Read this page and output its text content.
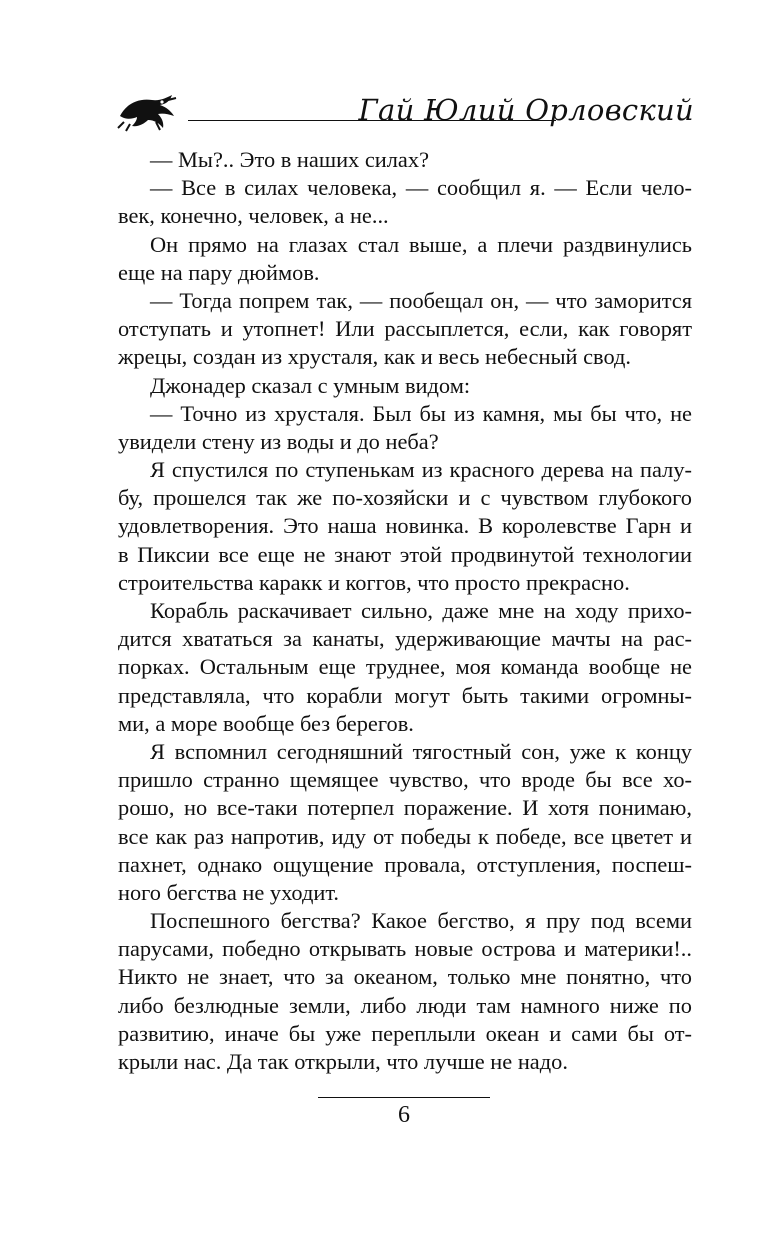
Гай Юлий Орловский
— Мы?.. Это в наших силах?
— Все в силах человека, — сообщил я. — Если чело-
век, конечно, человек, а не...
Он прямо на глазах стал выше, а плечи раздвинулись
еще на пару дюймов.
— Тогда попрем так, — пообещал он, — что заморится
отступать и утопнет! Или рассыплется, если, как говорят
жрецы, создан из хрусталя, как и весь небесный свод.
Джонадер сказал с умным видом:
— Точно из хрусталя. Был бы из камня, мы бы что, не
увидели стену из воды и до неба?
Я спустился по ступенькам из красного дерева на палу-
бу, прошелся так же по-хозяйски и с чувством глубокого
удовлетворения. Это наша новинка. В королевстве Гарн и
в Пиксии все еще не знают этой продвинутой технологии
строительства каракк и коггов, что просто прекрасно.
Корабль раскачивает сильно, даже мне на ходу прихо-
дится хвататься за канаты, удерживающие мачты на рас-
порках. Остальным еще труднее, моя команда вообще не
представляла, что корабли могут быть такими огромны-
ми, а море вообще без берегов.
Я вспомнил сегодняшний тягостный сон, уже к концу
пришло странно щемящее чувство, что вроде бы все хо-
рошо, но все-таки потерпел поражение. И хотя понимаю,
все как раз напротив, иду от победы к победе, все цветет и
пахнет, однако ощущение провала, отступления, поспеш-
ного бегства не уходит.
Поспешного бегства? Какое бегство, я пру под всеми
парусами, победно открывать новые острова и материки!..
Никто не знает, что за океаном, только мне понятно, что
либо безлюдные земли, либо люди там намного ниже по
развитию, иначе бы уже переплыли океан и сами бы от-
крыли нас. Да так открыли, что лучше не надо.
6
